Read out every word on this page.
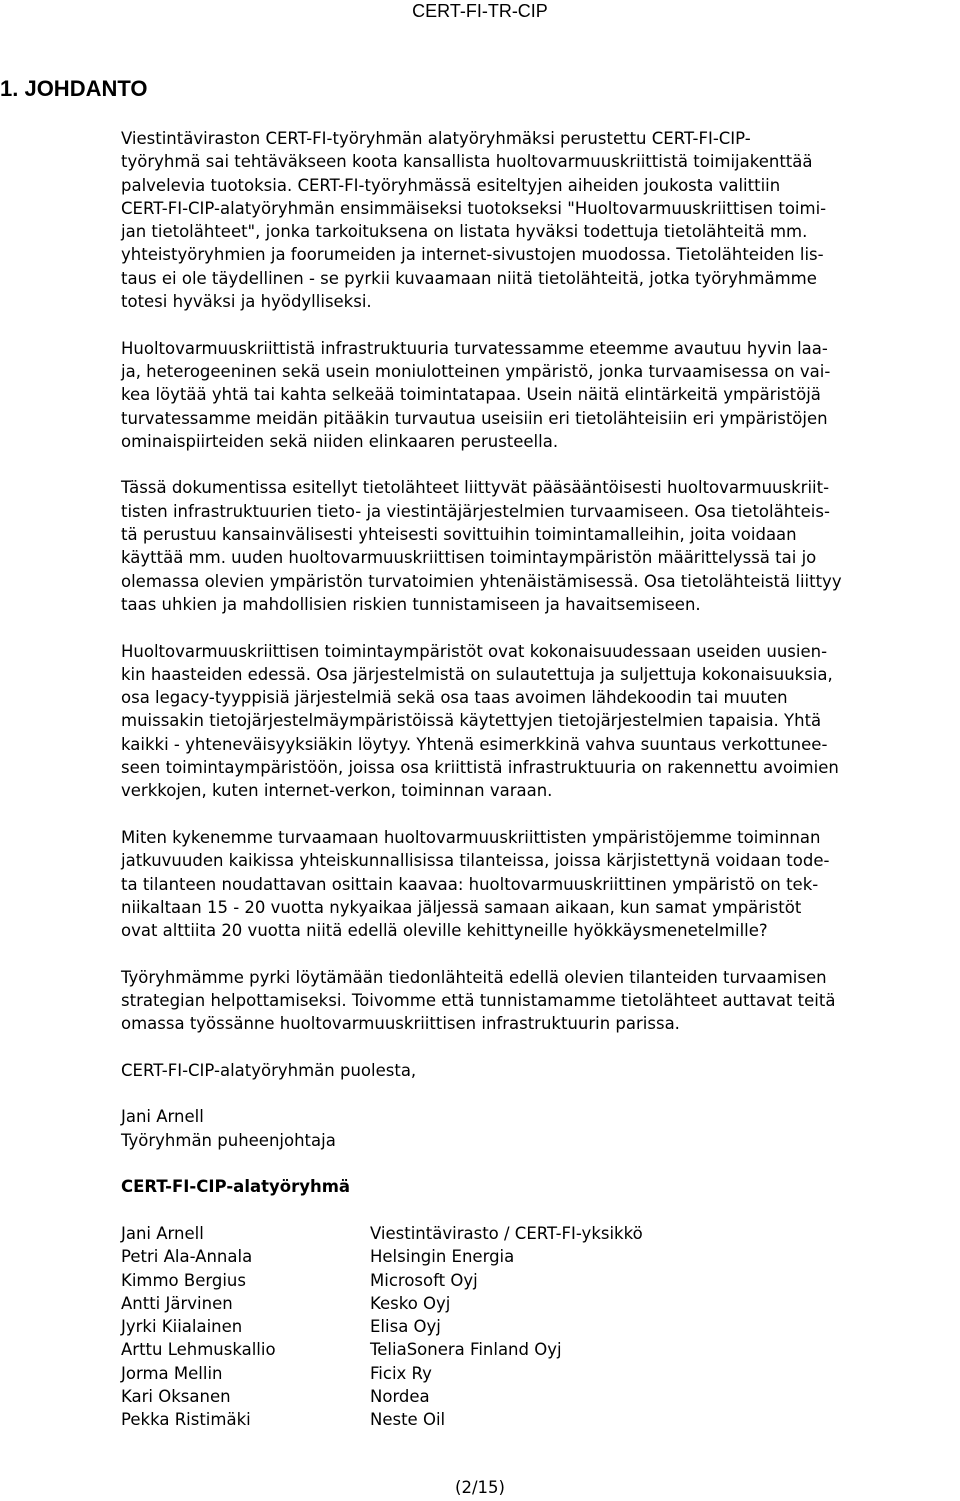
CERT-FI-TR-CIP
1. JOHDANTO

Viestintäviraston CERT-FI-työryhmän alatyöryhmäksi perustettu CERT-FI-CIP-
työryhmä sai tehtäväkseen koota kansallista huoltovarmuuskriittistä toimijakenttää
palvelevia tuotoksia. CERT-FI-työryhmässä esiteltyjen aiheiden joukosta valittiin
CERT-FI-CIP-alatyöryhmän ensimmäiseksi tuotokseksi "Huoltovarmuuskriittisen toimi-
jan tietolähteet", jonka tarkoituksena on listata hyväksi todettuja tietolähteitä mm.
yhteistyöryhmien ja foorumeiden ja internet-sivustojen muodossa. Tietolähteiden lis-
taus ei ole täydellinen - se pyrkii kuvaamaan niitä tietolähteitä, jotka työryhmämme
totesi hyväksi ja hyödylliseksi.

Huoltovarmuuskriittistä infrastruktuuria turvatessamme eteemme avautuu hyvin laa-
ja, heterogeeninen sekä usein moniulotteinen ympäristö, jonka turvaamisessa on vai-
kea löytää yhtä tai kahta selkeää toimintatapaa. Usein näitä elintärkeitä ympäristöjä
turvatessamme meidän pitääkin turvautua useisiin eri tietolähteisiin eri ympäristöjen
ominaispiirteiden sekä niiden elinkaaren perusteella.

Tässä dokumentissa esitellyt tietolähteet liittyvät pääsääntöisesti huoltovarmuuskriit-
tisten infrastruktuurien tieto- ja viestintäjärjestelmien turvaamiseen. Osa tietolähteis-
tä perustuu kansainvälisesti yhteisesti sovittuihin toimintamalleihin, joita voidaan
käyttää mm. uuden huoltovarmuuskriittisen toimintaympäristön määrittelyssä tai jo
olemassa olevien ympäristön turvatoimien yhtenäistämisessä. Osa tietolähteistä liittyy
taas uhkien ja mahdollisien riskien tunnistamiseen ja havaitsemiseen.

Huoltovarmuuskriittisen toimintaympäristöt ovat kokonaisuudessaan useiden uusien-
kin haasteiden edessä. Osa järjestelmistä on sulautettuja ja suljettuja kokonaisuuksia,
osa legacy-tyyppisiä järjestelmiä sekä osa taas avoimen lähdekoodin tai muuten
muissakin tietojärjestelmäympäristöissä käytettyjen tietojärjestelmien tapaisia. Yhtä
kaikki - yhteneväisyyksiäkin löytyy. Yhtenä esimerkkinä vahva suuntaus verkottunee-
seen toimintaympäristöön, joissa osa kriittistä infrastruktuuria on rakennettu avoimien
verkkojen, kuten internet-verkon, toiminnan varaan.

Miten kykenemme turvaamaan huoltovarmuuskriittisten ympäristöjemme toiminnan
jatkuvuuden kaikissa yhteiskunnallisissa tilanteissa, joissa kärjistettynä voidaan tode-
ta tilanteen noudattavan osittain kaavaa: huoltovarmuuskriittinen ympäristö on tek-
niikaltaan 15 - 20 vuotta nykyaikaa jäljessä samaan aikaan, kun samat ympäristöt
ovat alttiita 20 vuotta niitä edellä oleville kehittyneille hyökkäysmenetelmille?

Työryhmämme pyrki löytämään tiedonlähteitä edellä olevien tilanteiden turvaamisen
strategian helpottamiseksi. Toivomme että tunnistamamme tietolähteet auttavat teitä
omassa työssänne huoltovarmuuskriittisen infrastruktuurin parissa.

CERT-FI-CIP-alatyöryhmän puolesta,

Jani Arnell
Työryhmän puheenjohtaja

CERT-FI-CIP-alatyöryhmä

Jani Arnell	Viestintävirasto / CERT-FI-yksikkö
Petri Ala-Annala	Helsingin Energia
Kimmo Bergius	Microsoft Oyj
Antti Järvinen	Kesko Oyj
Jyrki Kiialainen	Elisa Oyj
Arttu Lehmuskallio	TeliaSonera Finland Oyj
Jorma Mellin	Ficix Ry
Kari Oksanen	Nordea
Pekka Ristimäki	Neste Oil
(2/15)
